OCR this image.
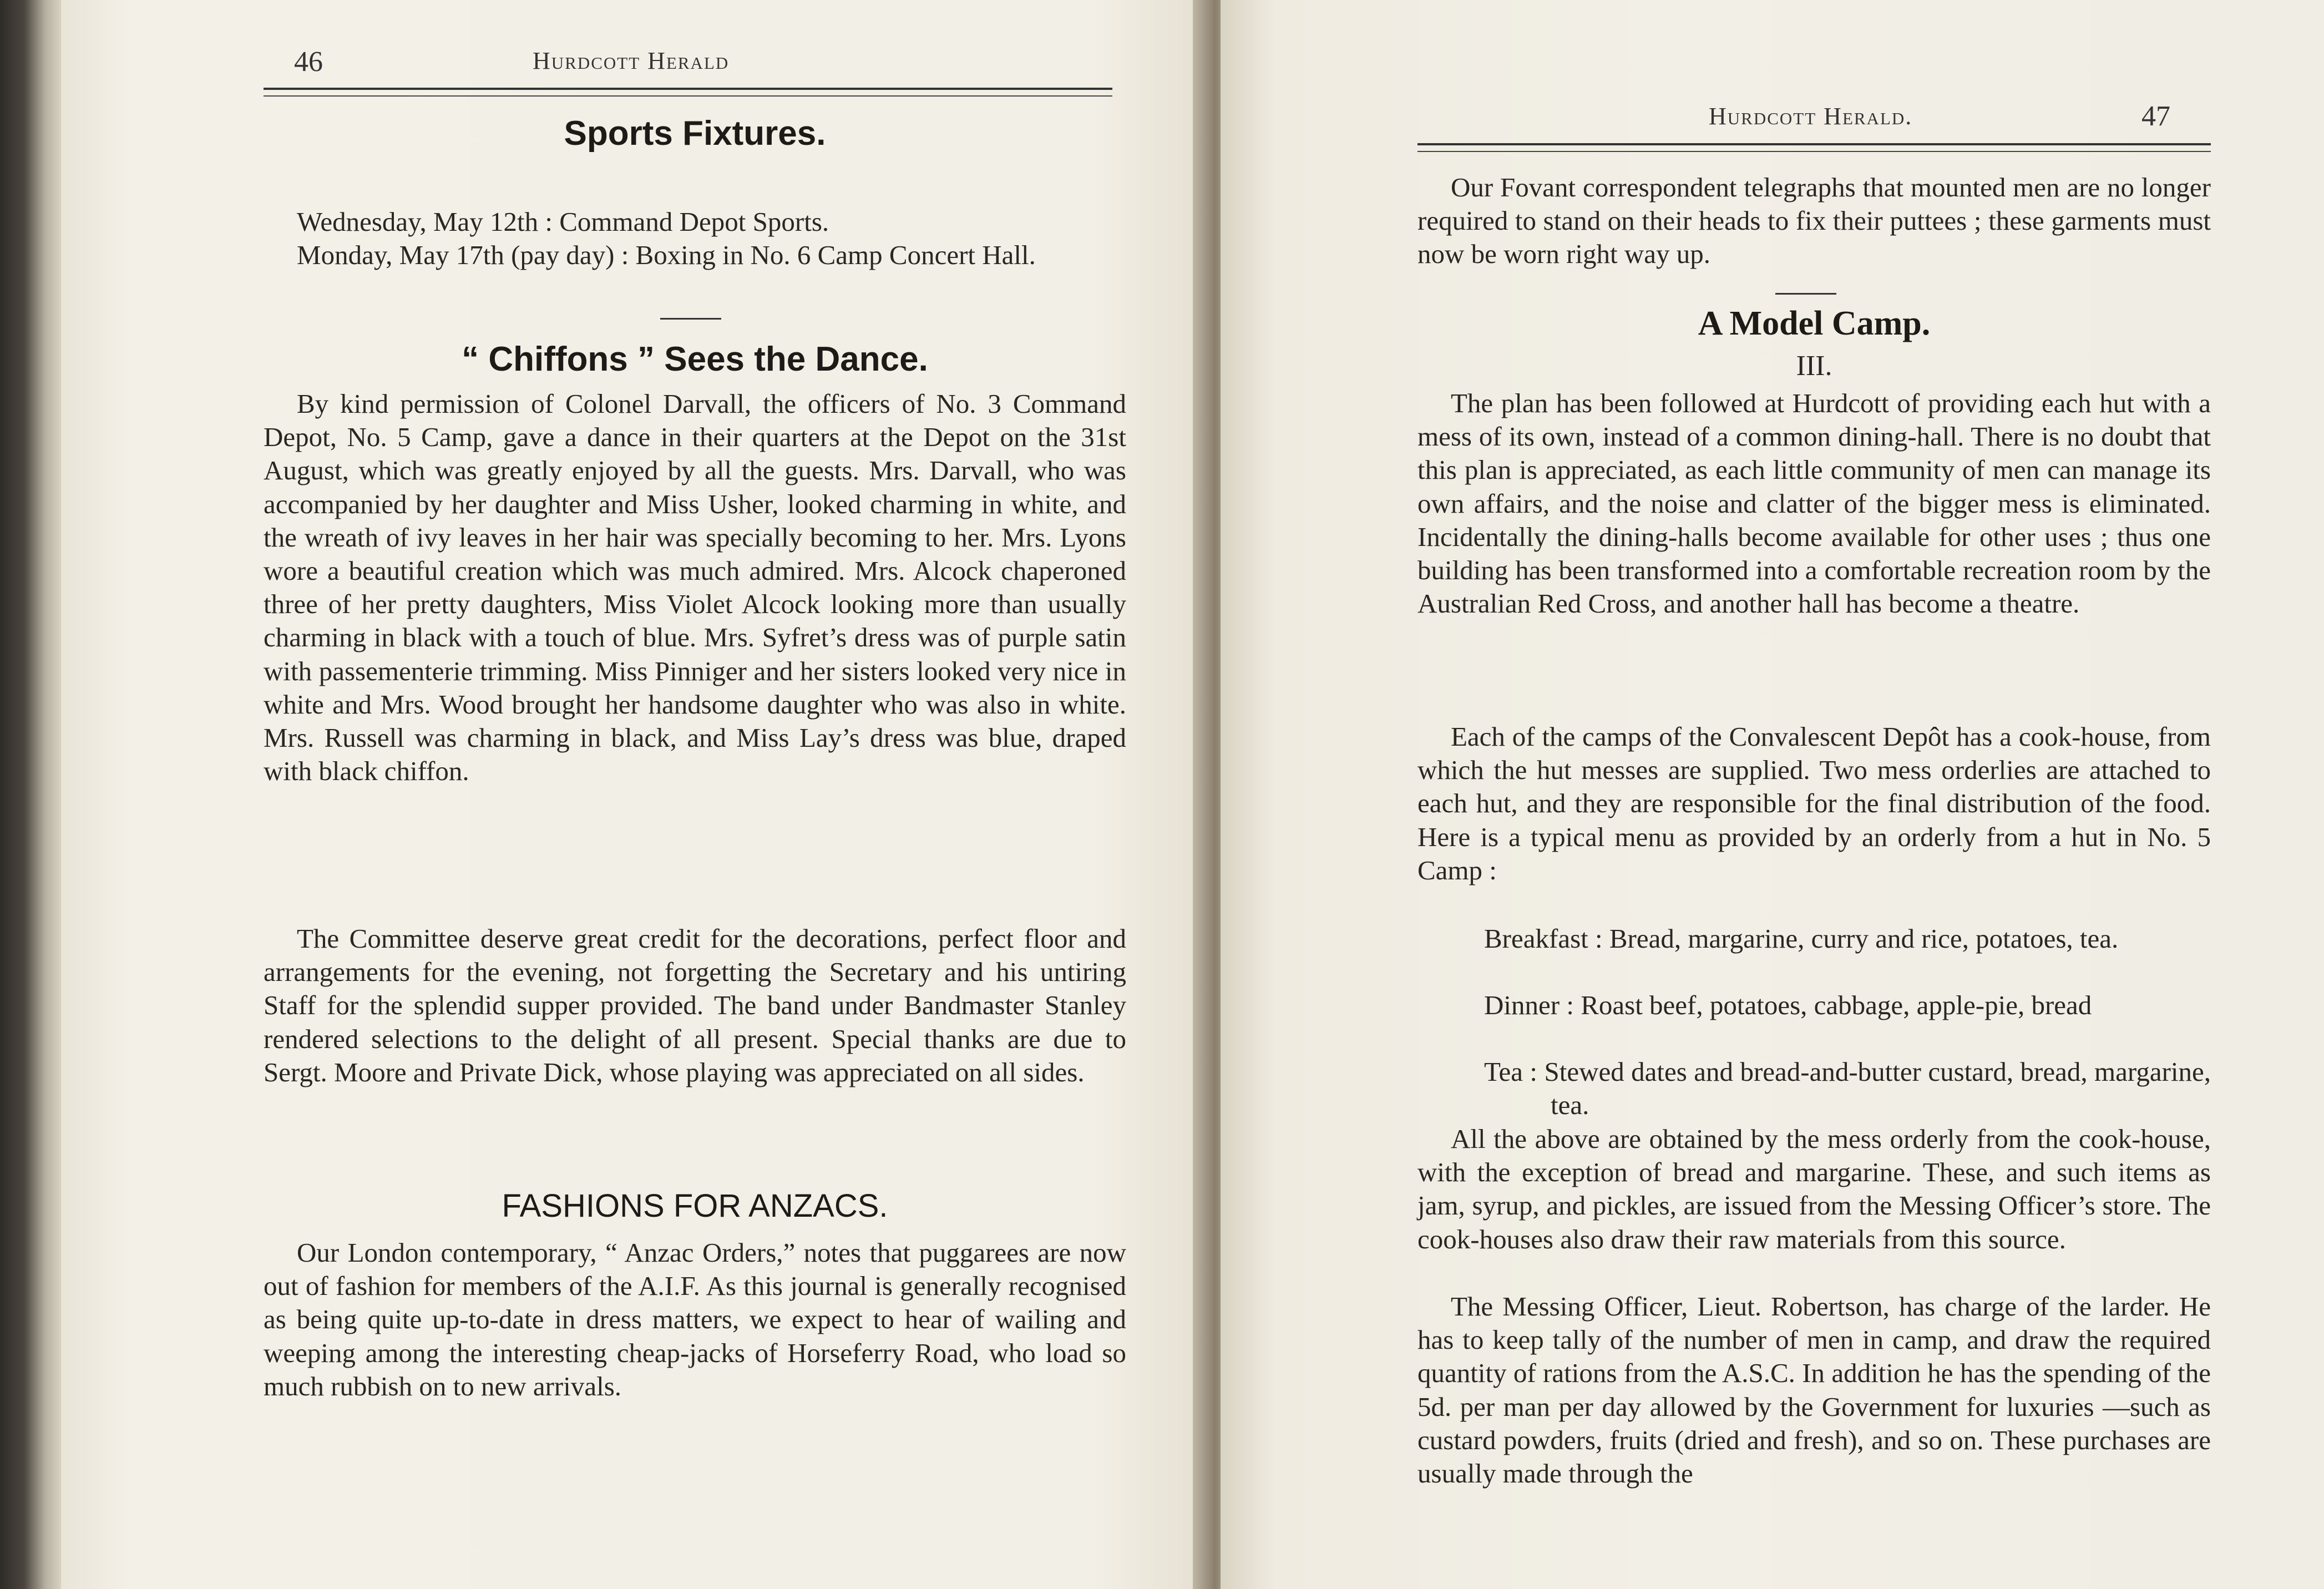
46	Hurdcott Herald
Sports Fixtures.

Wednesday, May 12th : Command Depot Sports.

Monday, May 17th (pay day) : Boxing in No. 6 Camp Concert Hall.

“ Chiffons ” Sees the Dance.

By kind permission of Colonel Darvall, the officers of No. 3 Command Depot, No. 5 Camp, gave a dance in their quarters at the Depot on the 31st August, which was greatly enjoyed by all the guests. Mrs. Darvall, who was accompanied by her daughter and Miss Usher, looked charming in white, and the wreath of ivy leaves in her hair was specially becoming to her. Mrs. Lyons wore a beautiful creation which was much admired. Mrs. Alcock chaperoned three of her pretty daughters, Miss Violet Alcock looking more than usually charming in black with a touch of blue. Mrs. Syfret’s dress was of purple satin with passementerie trimming. Miss Pinniger and her sisters looked very nice in white and Mrs. Wood brought her handsome daughter who was also in white. Mrs. Russell was charming in black, and Miss Lay’s dress was blue, draped with black chiffon.

The Committee deserve great credit for the decorations, perfect floor and arrangements for the evening, not forgetting the Secretary and his untiring Staff for the splendid supper provided. The band under Bandmaster Stanley rendered selections to the delight of all present. Special thanks are due to Sergt. Moore and Private Dick, whose playing was appreciated on all sides.

FASHIONS FOR ANZACS.

Our London contemporary, “ Anzac Orders,” notes that puggarees are now out of fashion for members of the A.I.F. As this journal is generally recognised as being quite up-to-date in dress matters, we expect to hear of wailing and weeping among the interesting cheap-jacks of Horseferry Road, who load so much rubbish on to new arrivals.

Hurdcott Herald.	47

Our Fovant correspondent telegraphs that mounted men are no longer required to stand on their heads to fix their puttees ; these garments must now be worn right way up.

A Model Camp.
III.

The plan has been followed at Hurdcott of providing each hut with a mess of its own, instead of a common dining-hall. There is no doubt that this plan is appreciated, as each little community of men can manage its own affairs, and the noise and clatter of the bigger mess is eliminated. Incidentally the dining-halls become available for other uses ; thus one building has been transformed into a comfortable recreation room by the Australian Red Cross, and another hall has become a theatre.

Each of the camps of the Convalescent Depôt has a cook-house, from which the hut messes are supplied. Two mess orderlies are attached to each hut, and they are responsible for the final distribution of the food. Here is a typical menu as provided by an orderly from a hut in No. 5 Camp :

Breakfast : Bread, margarine, curry and rice, potatoes, tea.
Dinner : Roast beef, potatoes, cabbage, apple-pie, bread
Tea : Stewed dates and bread-and-butter custard, bread, margarine, tea.

All the above are obtained by the mess orderly from the cook-house, with the exception of bread and margarine. These, and such items as jam, syrup, and pickles, are issued from the Messing Officer’s store. The cook-houses also draw their raw materials from this source.

The Messing Officer, Lieut. Robertson, has charge of the larder. He has to keep tally of the number of men in camp, and draw the required quantity of rations from the A.S.C. In addition he has the spending of the 5d. per man per day allowed by the Government for luxuries —such as custard powders, fruits (dried and fresh), and so on. These purchases are usually made through the
